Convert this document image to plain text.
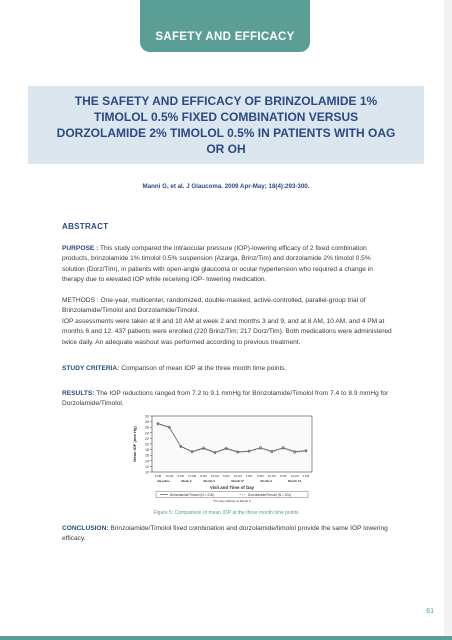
SAFETY AND EFFICACY
THE SAFETY AND EFFICACY OF BRINZOLAMIDE 1% TIMOLOL 0.5% FIXED COMBINATION VERSUS DORZOLAMIDE 2% TIMOLOL 0.5% IN PATIENTS WITH OAG OR OH
Manni G, et al. J Glaucoma. 2009 Apr-May; 18(4):293-300.
ABSTRACT
PURPOSE : This study compared the intraocular pressure (IOP)-lowering efficacy of 2 fixed combination products, brinzolamide 1% timolol 0.5% suspension (Azarga, Brinz/Tim) and dorzolamide 2% timolol 0.5% solution (Dorz/Tim), in patients with open-angle glaucoma or ocular hypertension who required a change in therapy due to elevated IOP while receiving IOP- lowering medication.
METHODS : One-year, multicenter, randomized, double-masked, active-controlled, parallel-group trial of Brinzolamide/Timolol and Dorzolamide/Timolol.
IOP assessments were taken at 8 and 10 AM at week 2 and months 3 and 9, and at 8 AM, 10 AM, and 4 PM at months 6 and 12. 437 patients were enrolled (220 Brinz/Tim; 217 Dorz/Tim). Both medications were administered twice daily. An adequate washout was performed according to previous treatment.
STUDY CRITERIA: Comparison of mean IOP at the three month time points.
RESULTS: The IOP reductions ranged from 7.2 to 9.1 mmHg for Brinzolamide/Timolol from 7.4 to 8.9 mmHg for Dorzolamide/Timolol.
30
28
26
24
22
20
18
16
14
12
10
Mean IOP (mm Hg)
8 AM 10 AM 8 AM 10 AM 8 AM 10 AM 8 AM 10 AM 4 PM 8 AM 10 AM 8 AM 10 AM 4 PM
Baseline	Week 2	Month 3	Month 6*	Month 9	Month 12
Visit and Time of Day
Brinzolamide/Timolol (N = 218)	Dorzolamide/Timolol (N = 201)
*Primary efficacy at Month 6
Figure 5: Comparison of mean IOP at the three month time points
CONCLUSION: Brinzolamide/Timolol fixed combination and dorzolamide/timolol provide the same IOP lowering efficacy.
61
